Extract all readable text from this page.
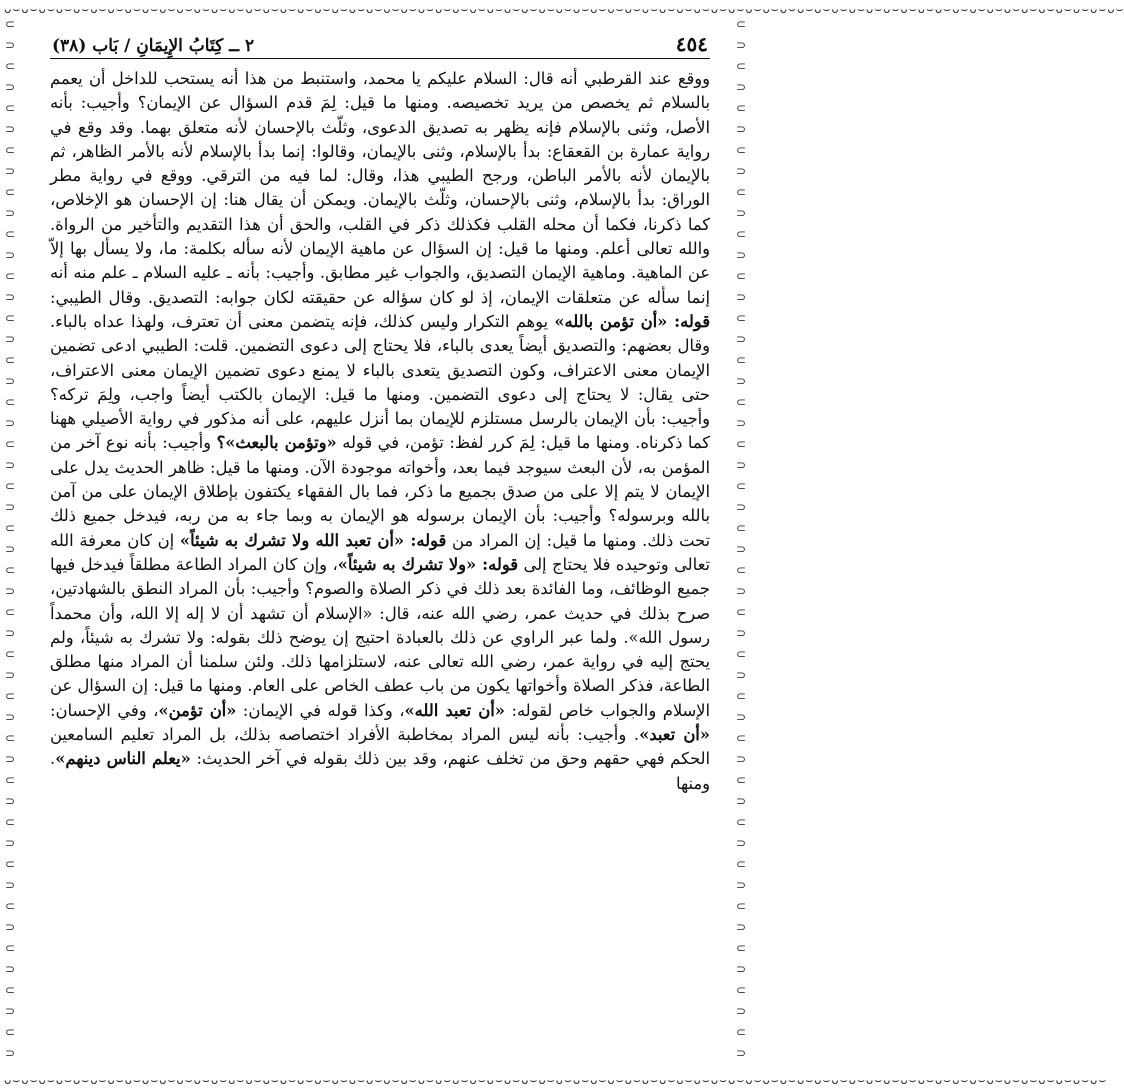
ᴗ⌣ᴗ⌣ᴗ⌣ᴗ⌣ᴗ⌣ᴗ⌣ᴗ⌣ᴗ⌣ᴗ⌣ᴗ⌣ᴗ⌣ᴗ⌣ᴗ⌣ᴗ⌣ᴗ⌣ᴗ⌣ᴗ⌣ᴗ⌣ᴗ⌣ᴗ⌣ᴗ⌣ᴗ⌣ᴗ⌣ᴗ⌣ᴗ⌣ᴗ⌣ᴗ⌣ᴗ⌣ᴗ⌣ᴗ⌣ᴗ⌣ᴗ⌣ᴗ⌣ᴗ⌣ᴗ⌣ᴗ⌣ᴗ⌣ᴗ⌣ᴗ⌣ᴗ⌣ᴗ⌣ᴗ⌣ᴗ⌣ᴗ⌣ᴗ⌣ᴗ⌣ᴗ⌣ᴗ⌣ᴗ⌣ᴗ⌣ᴗ⌣ᴗ⌣ᴗ⌣ᴗ⌣ᴗ⌣ᴗ⌣ᴗ⌣ᴗ⌣ᴗ⌣ᴗ⌣ᴗ⌣ᴗ⌣ᴗ⌣ᴗ⌣ᴗ⌣
ᴗ⌣ᴗ⌣ᴗ⌣ᴗ⌣ᴗ⌣ᴗ⌣ᴗ⌣ᴗ⌣ᴗ⌣ᴗ⌣ᴗ⌣ᴗ⌣ᴗ⌣ᴗ⌣ᴗ⌣ᴗ⌣ᴗ⌣ᴗ⌣ᴗ⌣ᴗ⌣ᴗ⌣ᴗ⌣ᴗ⌣ᴗ⌣ᴗ⌣ᴗ⌣ᴗ⌣ᴗ⌣ᴗ⌣ᴗ⌣ᴗ⌣ᴗ⌣ᴗ⌣ᴗ⌣ᴗ⌣ᴗ⌣ᴗ⌣ᴗ⌣ᴗ⌣ᴗ⌣ᴗ⌣ᴗ⌣ᴗ⌣ᴗ⌣ᴗ⌣ᴗ⌣ᴗ⌣ᴗ⌣ᴗ⌣ᴗ⌣ᴗ⌣ᴗ⌣ᴗ⌣ᴗ⌣ᴗ⌣ᴗ⌣ᴗ⌣ᴗ⌣ᴗ⌣ᴗ⌣ᴗ⌣ᴗ⌣ᴗ⌣ᴗ⌣
⊂
⊃
⊂
⊃
⊂
⊃
⊂
⊃
⊂
⊃
⊂
⊃
⊂
⊃
⊂
⊃
⊂
⊃
⊂
⊃
⊂
⊃
⊂
⊃
⊂
⊃
⊂
⊃
⊂
⊃
⊂
⊃
⊂
⊃
⊂
⊃
⊂
⊃
⊂
⊃
⊂
⊃
⊂
⊃
⊂
⊃
⊂
⊃
⊂
⊃
⊂
⊃
⊂
⊃
⊂
⊃
⊂
⊃
⊂
⊃
⊂
⊃
⊂
⊃
⊂
⊃
⊂
⊃
⊂
⊃
⊂
⊃
⊂
⊃
⊂
⊃
⊂
⊃
⊂
⊃
⊂
⊃
⊂
⊃
⊂
⊃
⊂
⊃
⊂
⊃
⊂
⊃
⊂
⊃
⊂
⊃
⊂
⊃
⊂
⊃
٤٥٤
٢ ــ كِتَابُ الإِيمَانِ / بَاب (٣٨)
ووقع عند القرطبي أنه قال: السلام عليكم يا محمد، واستنبط من هذا أنه يستحب للداخل أن يعمم بالسلام ثم يخصص من يريد تخصيصه. ومنها ما قيل: لِمَ قدم السؤال عن الإيمان؟ وأجيب: بأنه الأصل، وثنى بالإسلام فإنه يظهر به تصديق الدعوى، وثلّث بالإحسان لأنه متعلق بهما. وقد وقع في رواية عمارة بن القعقاع: بدأ بالإسلام، وثنى بالإيمان، وقالوا: إنما بدأ بالإسلام لأنه بالأمر الظاهر، ثم بالإيمان لأنه بالأمر الباطن، ورجح الطيبي هذا، وقال: لما فيه من الترقي. ووقع في رواية مطر الوراق: بدأ بالإسلام، وثنى بالإحسان، وثلّث بالإيمان. ويمكن أن يقال هنا: إن الإحسان هو الإخلاص، كما ذكرنا، فكما أن محله القلب فكذلك ذكر في القلب، والحق أن هذا التقديم والتأخير من الرواة. والله تعالى أعلم. ومنها ما قيل: إن السؤال عن ماهية الإيمان لأنه سأله بكلمة: ما، ولا يسأل بها إلاّ عن الماهية. وماهية الإيمان التصديق، والجواب غير مطابق. وأجيب: بأنه ـ عليه السلام ـ علم منه أنه إنما سأله عن متعلقات الإيمان، إذ لو كان سؤاله عن حقيقته لكان جوابه: التصديق. وقال الطيبي: قوله: «أن تؤمن بالله» يوهم التكرار وليس كذلك، فإنه يتضمن معنى أن تعترف، ولهذا عداه بالباء. وقال بعضهم: والتصديق أيضاً يعدى بالباء، فلا يحتاج إلى دعوى التضمين. قلت: الطيبي ادعى تضمين الإيمان معنى الاعتراف، وكون التصديق يتعدى بالباء لا يمنع دعوى تضمين الإيمان معنى الاعتراف، حتى يقال: لا يحتاج إلى دعوى التضمين. ومنها ما قيل: الإيمان بالكتب أيضاً واجب، ولِمَ تركه؟ وأجيب: بأن الإيمان بالرسل مستلزم للإيمان بما أنزل عليهم، على أنه مذكور في رواية الأصيلي ههنا كما ذكرناه. ومنها ما قيل: لِمَ كرر لفظ: تؤمن، في قوله «وتؤمن بالبعث»؟ وأجيب: بأنه نوع آخر من المؤمن به، لأن البعث سيوجد فيما بعد، وأخواته موجودة الآن. ومنها ما قيل: ظاهر الحديث يدل على الإيمان لا يتم إلا على من صدق بجميع ما ذكر، فما بال الفقهاء يكتفون بإطلاق الإيمان على من آمن بالله وبرسوله؟ وأجيب: بأن الإيمان برسوله هو الإيمان به وبما جاء به من ربه، فيدخل جميع ذلك تحت ذلك. ومنها ما قيل: إن المراد من قوله: «أن تعبد الله ولا تشرك به شيئاً» إن كان معرفة الله تعالى وتوحيده فلا يحتاج إلى قوله: «ولا تشرك به شيئاً»، وإن كان المراد الطاعة مطلقاً فيدخل فيها جميع الوظائف، وما الفائدة بعد ذلك في ذكر الصلاة والصوم؟ وأجيب: بأن المراد النطق بالشهادتين، صرح بذلك في حديث عمر، رضي الله عنه، قال: «الإسلام أن تشهد أن لا إله إلا الله، وأن محمداً رسول الله». ولما عبر الراوي عن ذلك بالعبادة احتيج إن يوضح ذلك بقوله: ولا تشرك به شيئاً، ولم يحتج إليه في رواية عمر، رضي الله تعالى عنه، لاستلزامها ذلك. ولئن سلمنا أن المراد منها مطلق الطاعة، فذكر الصلاة وأخواتها يكون من باب عطف الخاص على العام. ومنها ما قيل: إن السؤال عن الإسلام والجواب خاص لقوله: «أن تعبد الله»، وكذا قوله في الإيمان: «أن تؤمن»، وفي الإحسان: «أن تعبد». وأجيب: بأنه ليس المراد بمخاطبة الأفراد اختصاصه بذلك، بل المراد تعليم السامعين الحكم فهي حقهم وحق من تخلف عنهم، وقد بين ذلك بقوله في آخر الحديث: «يعلم الناس دينهم». ومنها
